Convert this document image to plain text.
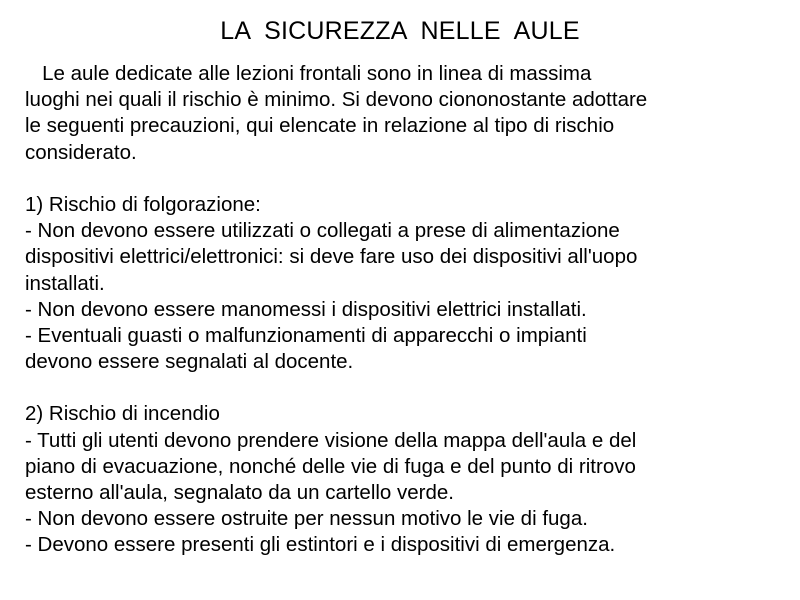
LA  SICUREZZA  NELLE  AULE
Le aule dedicate alle lezioni frontali sono in linea di massima
luoghi nei quali il rischio è minimo. Si devono ciononostante adottare
le seguenti precauzioni, qui elencate in relazione al tipo di rischio
considerato.
1) Rischio di folgorazione:
- Non devono essere utilizzati o collegati a prese di alimentazione
dispositivi elettrici/elettronici: si deve fare uso dei dispositivi all'uopo
installati.
- Non devono essere manomessi i dispositivi elettrici installati.
- Eventuali guasti o malfunzionamenti di apparecchi o impianti
devono essere segnalati al docente.
2) Rischio di incendio
- Tutti gli utenti devono prendere visione della mappa dell'aula e del
piano di evacuazione, nonché delle vie di fuga e del punto di ritrovo
esterno all'aula, segnalato da un cartello verde.
- Non devono essere ostruite per nessun motivo le vie di fuga.
- Devono essere presenti gli estintori e i dispositivi di emergenza.
